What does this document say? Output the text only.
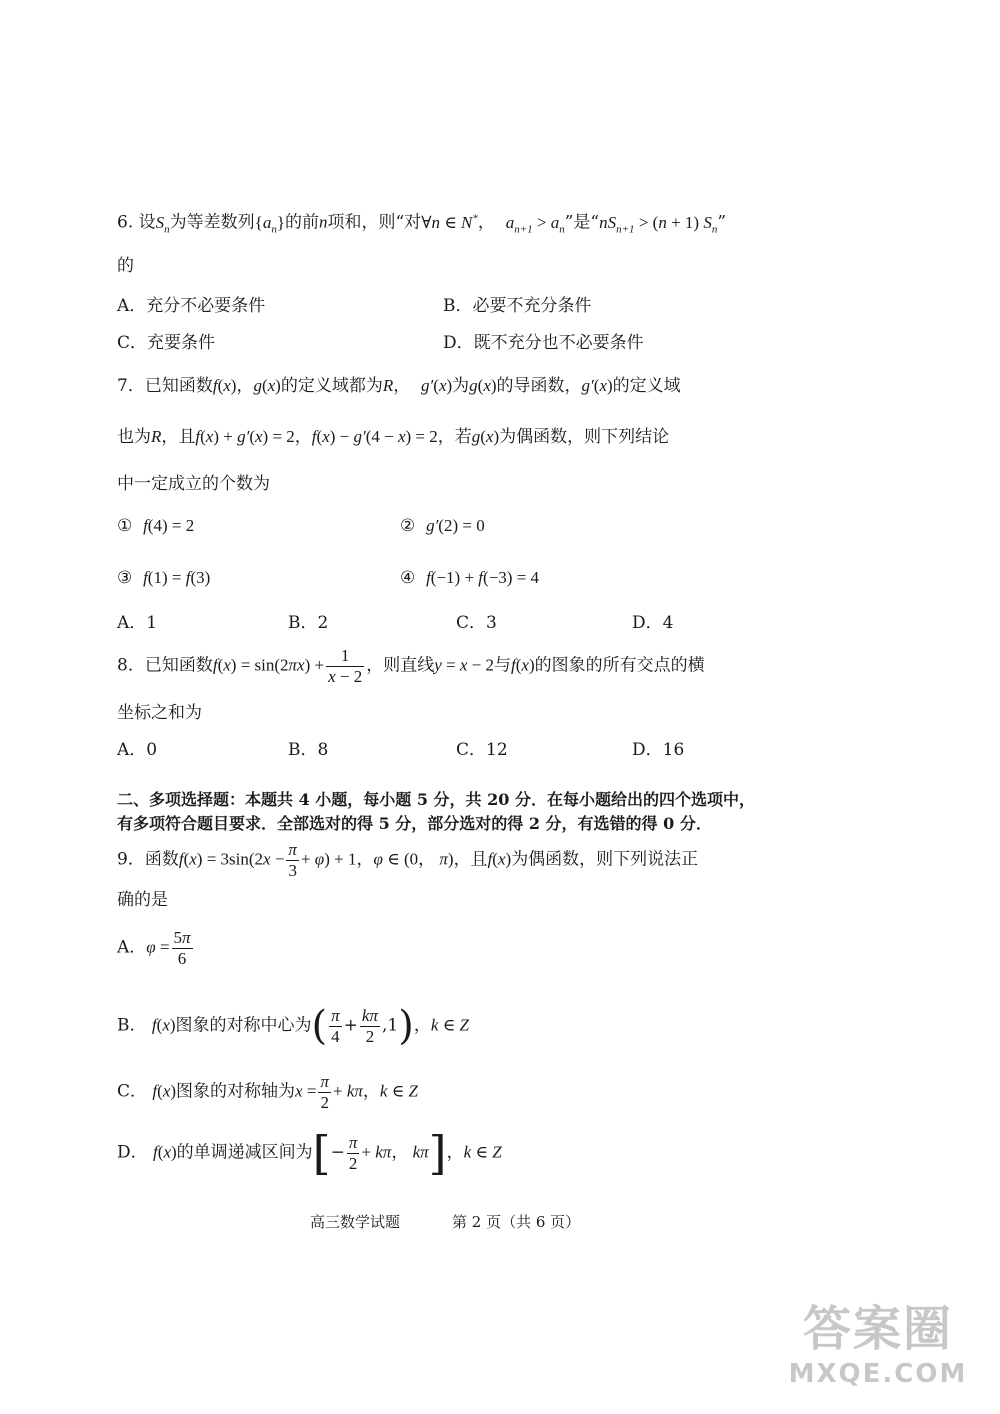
6. 设$S_n$为等差数列$\{a_n\}$的前n项和，则“对∀n ∈ N*， $a_{n+1} > a_n$”是“$nS_{n+1} > (n + 1)$ $S_n$”
的
A．充分不必要条件	B．必要不充分条件
C．充要条件	D．既不充分也不必要条件
7．已知函数f(x)，g(x)的定义域都为R， g′(x)为g(x)的导函数，g′(x)的定义域
也为R，且f(x) + g′(x) = 2，f(x) − g′(4 − x) = 2，若g(x)为偶函数，则下列结论
中一定成立的个数为
① f(4) = 2	② g′(2) = 0
③ f(1) = f(3)	④ f(−1) + f(−3) = 4
A．1	B．2	C．3	D．4
8．已知函数$f(x) = \sin(2\pi x) + \frac{1}{x - 2}$ ，则直线y = x − 2与f(x)的图象的所有交点的横
坐标之和为
A．0	B．8	C．12	D．16
二、多项选择题：本题共 4 小题，每小题 5 分，共 20 分．在每小题给出的四个选项中，
有多项符合题目要求．全部选对的得 5 分，部分选对的得 2 分，有选错的得 0 分．
9．函数$f(x) = 3\sin(2x - \frac{\pi}{3} + \varphi) + 1$，φ ∈ (0， π)，且f(x)为偶函数，则下列说法正
确的是
A．$\varphi = \frac{5\pi}{6}$
B． f(x)图象的对称中心为( $\frac{\pi}{4} + \frac{k\pi}{2} ,1$)，k ∈ Z
C． f(x)图象的对称轴为$x = \frac{\pi}{2} + k\pi$，k ∈ Z
D． f(x)的单调递减区间为[− $\frac{\pi}{2} + k\pi$， kπ]，k ∈ Z
高三数学试题	第 2 页（共 6 页）
答案圈
MXQE.COM
